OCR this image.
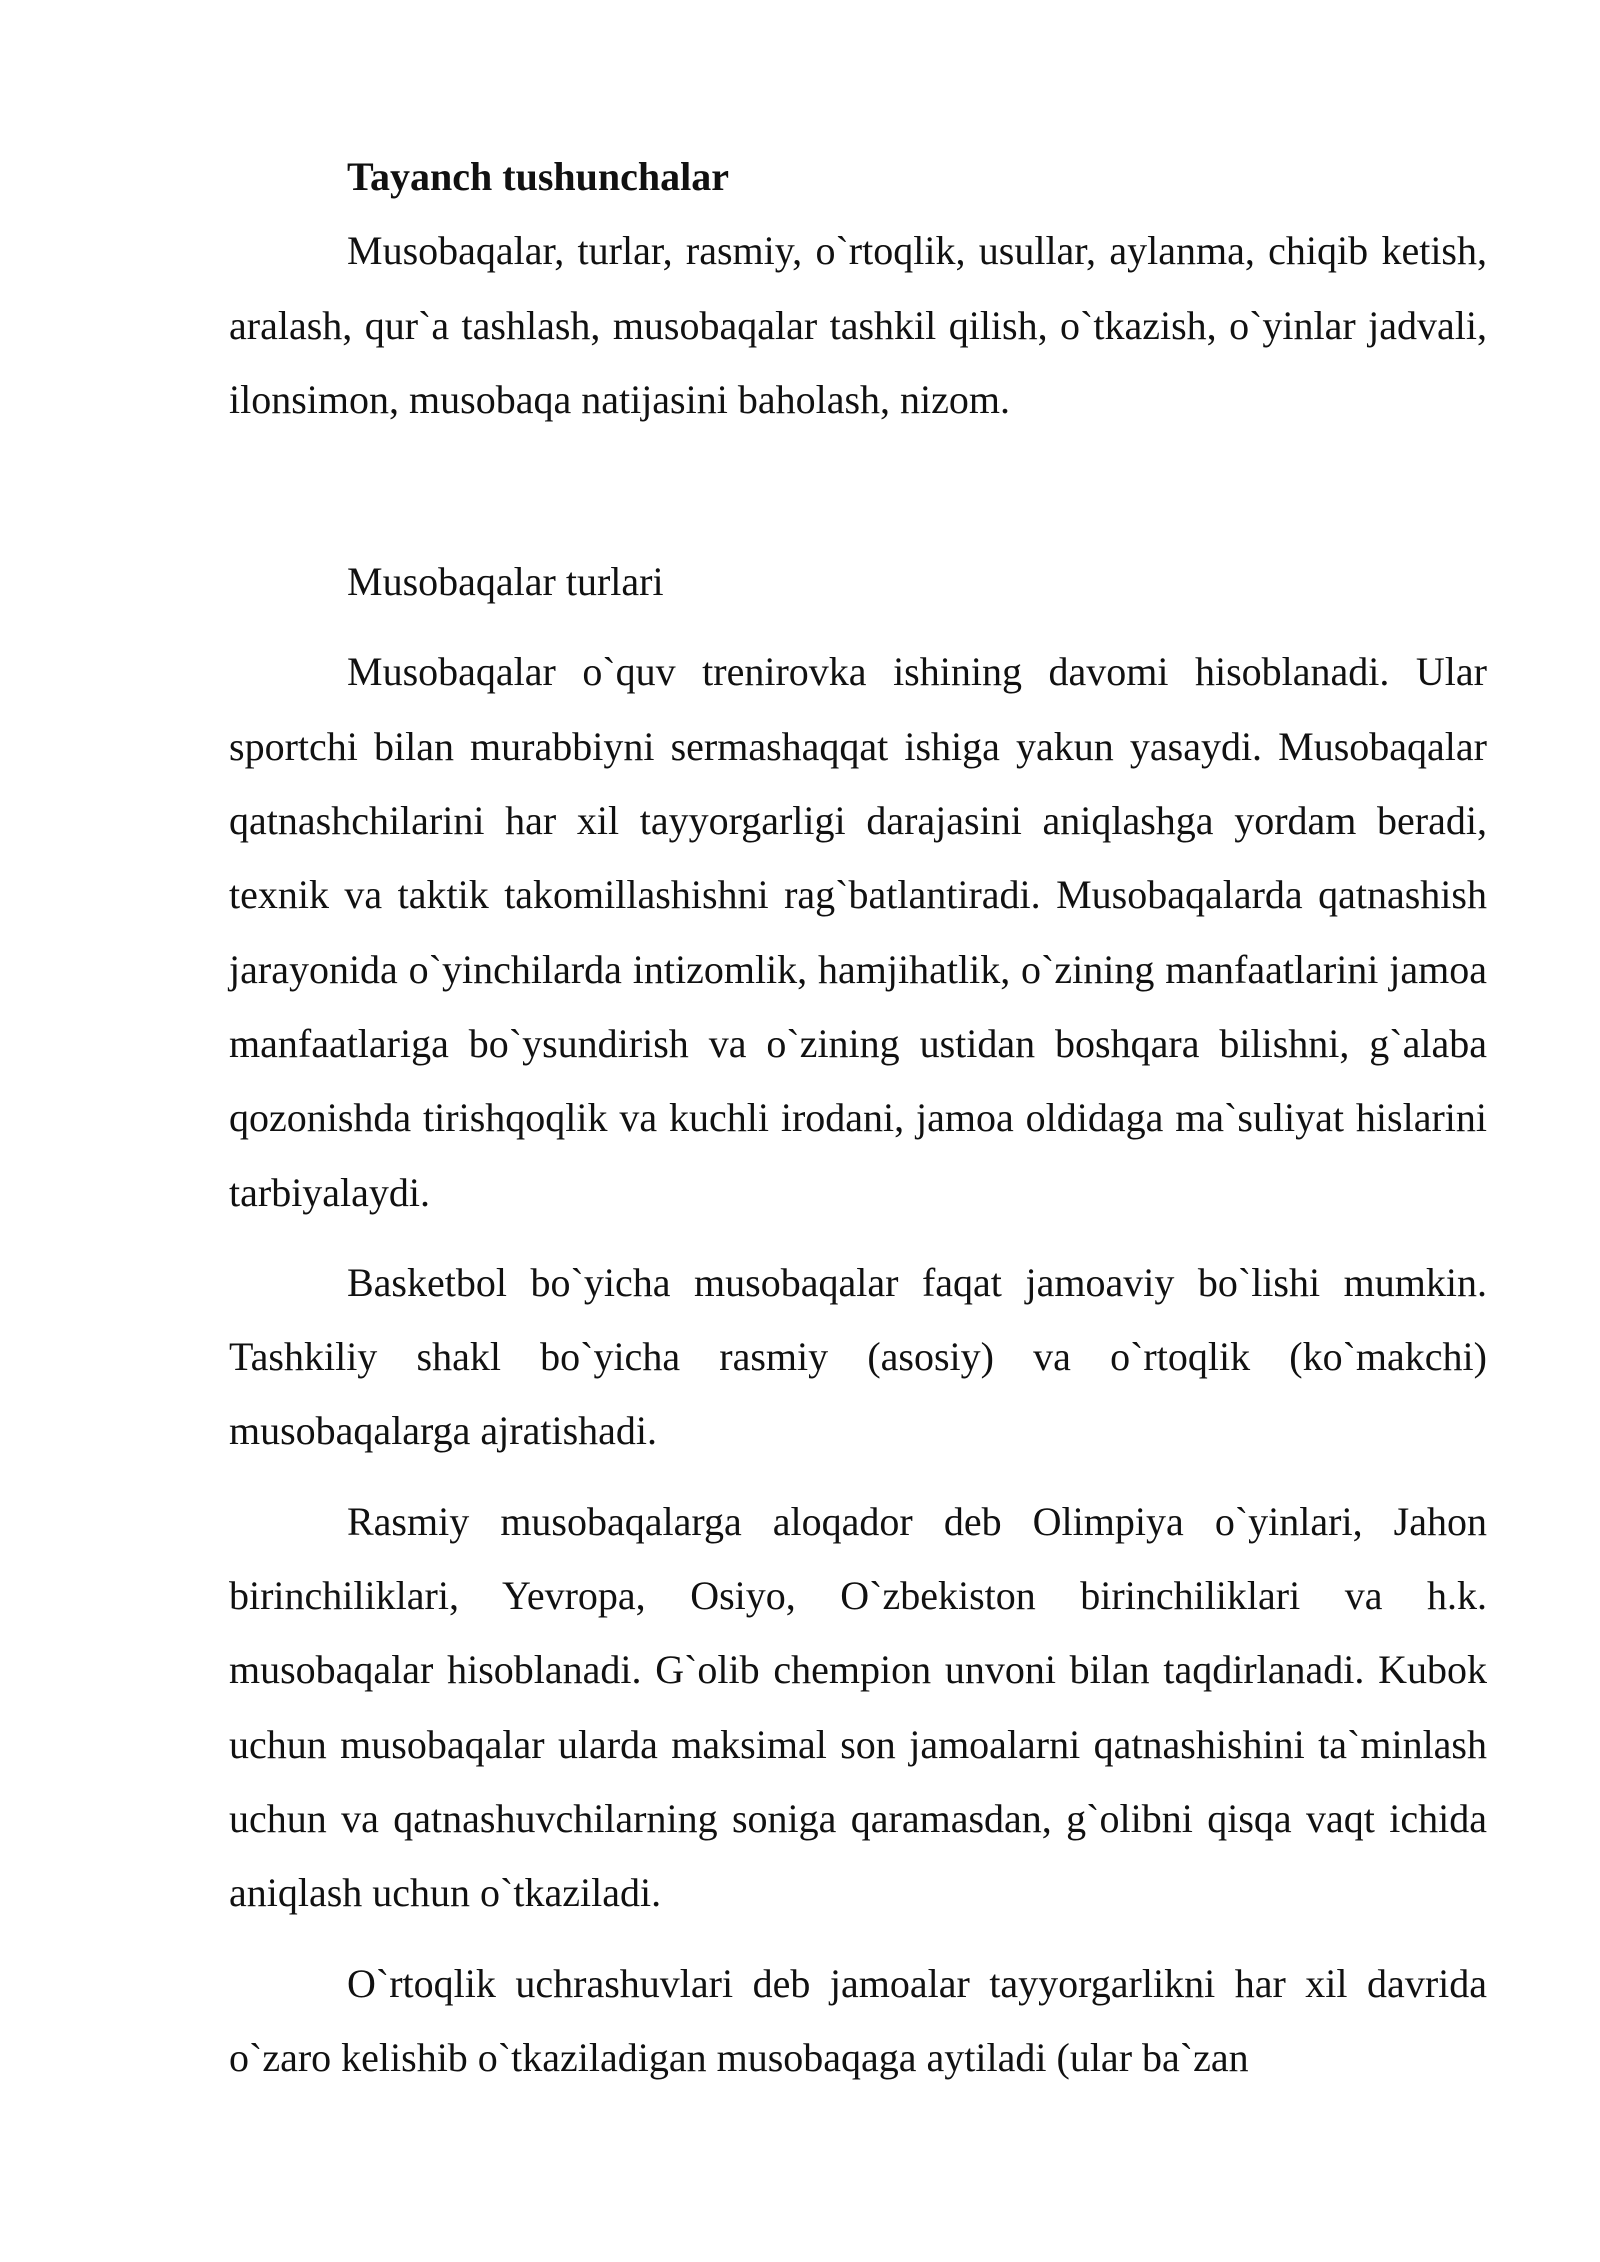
Tayanch tushunchalar

Musobaqalar, turlar, rasmiy, o`rtoqlik, usullar, aylanma, chiqib ketish, aralash, qur`a tashlash, musobaqalar tashkil qilish, o`tkazish, o`yinlar jadvali, ilonsimon, musobaqa natijasini baholash, nizom.

Musobaqalar turlari

Musobaqalar o`quv trenirovka ishining davomi hisoblanadi. Ular sportchi bilan murabbiyni sermashaqqat ishiga yakun yasaydi. Musobaqalar qatnashchilarini har xil tayyorgarligi darajasini aniqlashga yordam beradi, texnik va taktik takomillashishni rag`batlantiradi. Musobaqalarda qatnashish jarayonida o`yinchilarda intizomlik, hamjihatlik, o`zining manfaatlarini jamoa manfaatlariga bo`ysundirish va o`zining ustidan boshqara bilishni, g`alaba qozonishda tirishqoqlik va kuchli irodani, jamoa oldidaga ma`suliyat hislarini tarbiyalaydi.

Basketbol bo`yicha musobaqalar faqat jamoaviy bo`lishi mumkin. Tashkiliy shakl bo`yicha rasmiy (asosiy) va o`rtoqlik (ko`makchi) musobaqalarga ajratishadi.

Rasmiy musobaqalarga aloqador deb Olimpiya o`yinlari, Jahon birinchiliklari, Yevropa, Osiyo, O`zbekiston birinchiliklari va h.k. musobaqalar hisoblanadi. G`olib chempion unvoni bilan taqdirlanadi. Kubok uchun musobaqalar ularda maksimal son jamoalarni qatnashishini ta`minlash uchun va qatnashuvchilarning soniga qaramasdan, g`olibni qisqa vaqt ichida aniqlash uchun o`tkaziladi.

O`rtoqlik uchrashuvlari deb jamoalar tayyorgarlikni har xil davrida o`zaro kelishib o`tkaziladigan musobaqaga aytiladi (ular ba`zan
